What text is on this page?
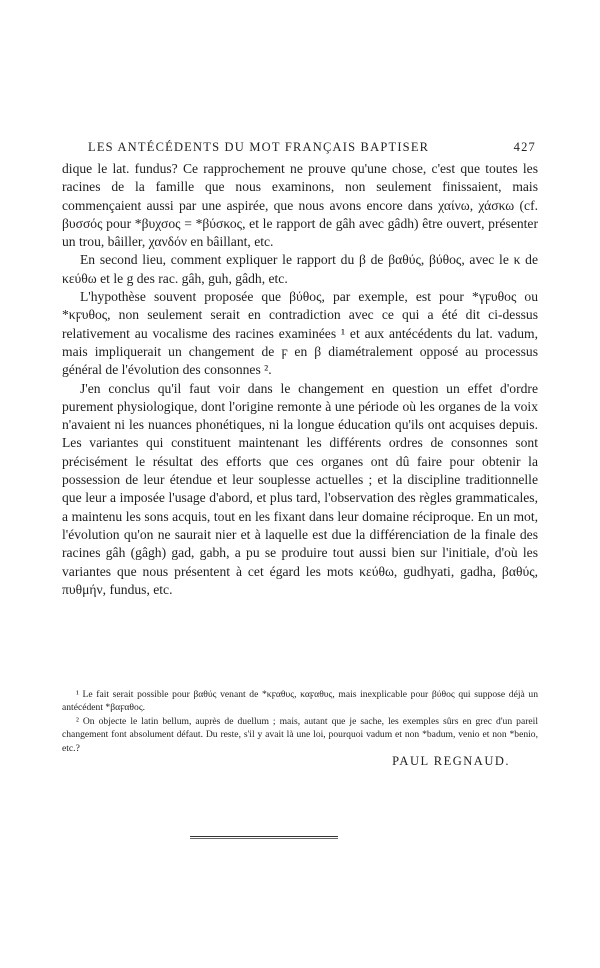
LES ANTÉCÉDENTS DU MOT FRANÇAIS BAPTISER	427

dique le lat. fundus? Ce rapprochement ne prouve qu'une chose, c'est que toutes les racines de la famille que nous examinons, non seulement finissaient, mais commençaient aussi par une aspirée, que nous avons encore dans χαίνω, χάσκω (cf. βυσσός pour *βυχσος = *βύσκος, et le rapport de gâh avec gâdh) être ouvert, présenter un trou, bâiller, χανδόν en bâillant, etc.

En second lieu, comment expliquer le rapport du β de βαθύς, βύθος, avec le κ de κεύθω et le g des rac. gâh, guh, gâdh, etc.

L'hypothèse souvent proposée que βύθος, par exemple, est pour *γϝυθος ou *κϝυθος, non seulement serait en contradiction avec ce qui a été dit ci-dessus relativement au vocalisme des racines examinées ¹ et aux antécédents du lat. vadum, mais impliquerait un changement de ϝ en β diamétralement opposé au processus général de l'évolution des consonnes ².

J'en conclus qu'il faut voir dans le changement en question un effet d'ordre purement physiologique, dont l'origine remonte à une période où les organes de la voix n'avaient ni les nuances phonétiques, ni la longue éducation qu'ils ont acquises depuis. Les variantes qui constituent maintenant les différents ordres de consonnes sont précisément le résultat des efforts que ces organes ont dû faire pour obtenir la possession de leur étendue et leur souplesse actuelles ; et la discipline traditionnelle que leur a imposée l'usage d'abord, et plus tard, l'observation des règles grammaticales, a maintenu les sons acquis, tout en les fixant dans leur domaine réciproque. En un mot, l'évolution qu'on ne saurait nier et à laquelle est due la différenciation de la finale des racines gâh (gâgh) gad, gabh, a pu se produire tout aussi bien sur l'initiale, d'où les variantes que nous présentent à cet égard les mots κεύθω, gudhyati, gadha, βαθύς, πυθμήν, fundus, etc.

¹ Le fait serait possible pour βαθύς venant de *κϝαθυς, καϝαθυς, mais inexplicable pour βύθος qui suppose déjà un antécédent *βαϝαθος.

² On objecte le latin bellum, auprès de duellum ; mais, autant que je sache, les exemples sûrs en grec d'un pareil changement font absolument défaut. Du reste, s'il y avait là une loi, pourquoi vadum et non *badum, venio et non *benio, etc.?

PAUL REGNAUD.
